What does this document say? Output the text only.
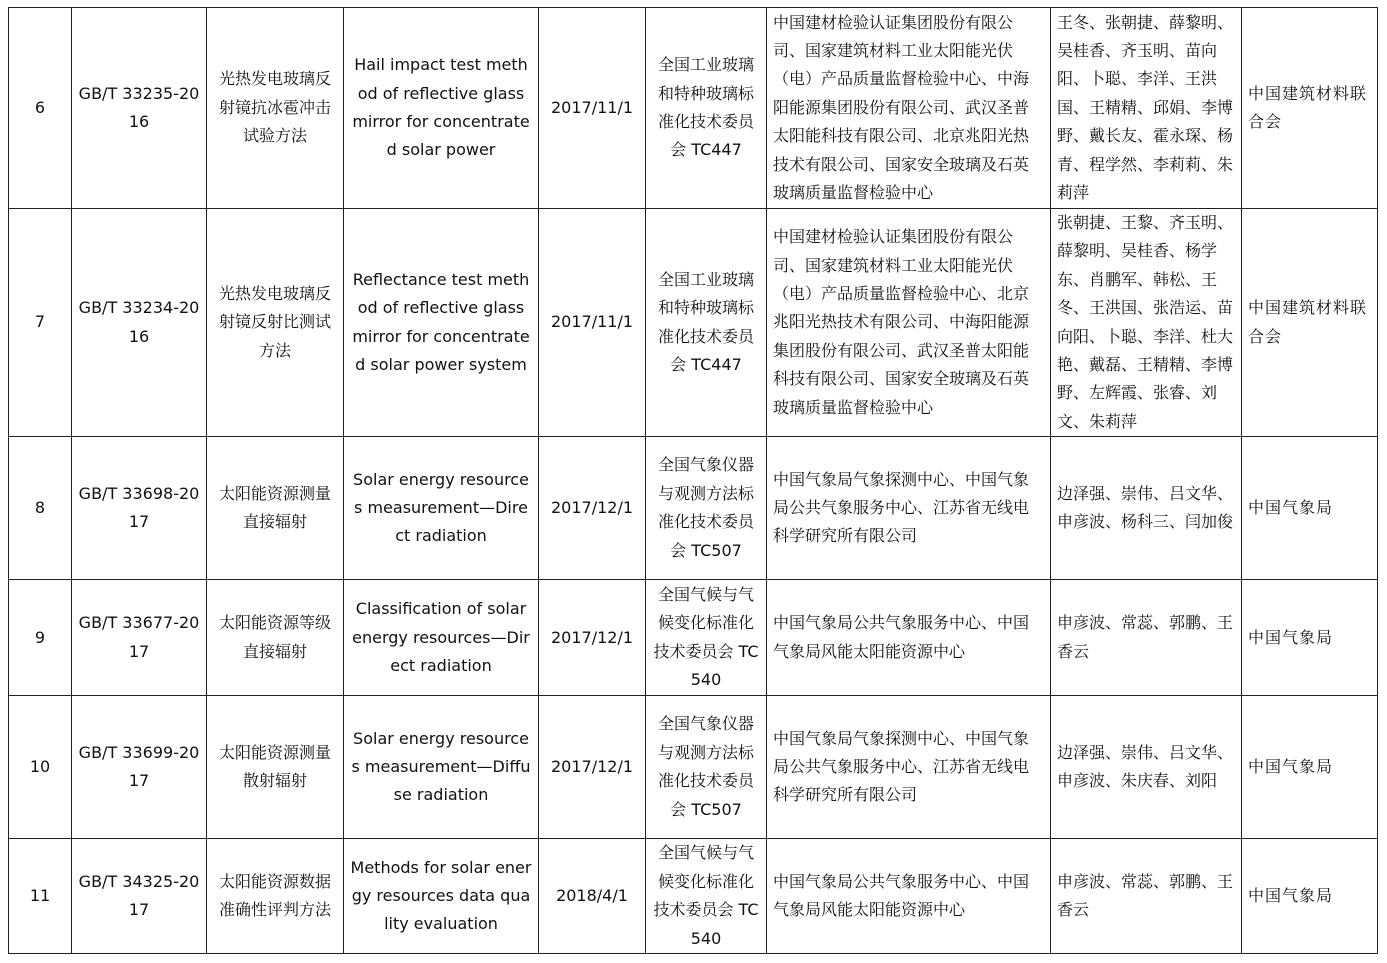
6	GB/T 33235-2016	光热发电玻璃反射镜抗冰雹冲击试验方法	Hail impact test method of reflective glass mirror for concentrated solar power	2017/11/1	全国工业玻璃和特种玻璃标准化技术委员会 TC447	中国建材检验认证集团股份有限公司、国家建筑材料工业太阳能光伏（电）产品质量监督检验中心、中海阳能源集团股份有限公司、武汉圣普太阳能科技有限公司、北京兆阳光热技术有限公司、国家安全玻璃及石英玻璃质量监督检验中心	王冬、张朝捷、薛黎明、吴桂香、齐玉明、苗向阳、卜聪、李洋、王洪国、王精精、邱娟、李博野、戴长友、霍永琛、杨青、程学然、李莉莉、朱莉萍	中国建筑材料联合会
7	GB/T 33234-2016	光热发电玻璃反射镜反射比测试方法	Reflectance test method of reflective glass mirror for concentrated solar power system	2017/11/1	全国工业玻璃和特种玻璃标准化技术委员会 TC447	中国建材检验认证集团股份有限公司、国家建筑材料工业太阳能光伏（电）产品质量监督检验中心、北京兆阳光热技术有限公司、中海阳能源集团股份有限公司、武汉圣普太阳能科技有限公司、国家安全玻璃及石英玻璃质量监督检验中心	张朝捷、王黎、齐玉明、薛黎明、吴桂香、杨学东、肖鹏军、韩松、王冬、王洪国、张浩运、苗向阳、卜聪、李洋、杜大艳、戴磊、王精精、李博野、左辉霞、张睿、刘文、朱莉萍	中国建筑材料联合会
8	GB/T 33698-2017	太阳能资源测量直接辐射	Solar energy resources measurement—Direct radiation	2017/12/1	全国气象仪器与观测方法标准化技术委员会 TC507	中国气象局气象探测中心、中国气象局公共气象服务中心、江苏省无线电科学研究所有限公司	边泽强、崇伟、吕文华、申彦波、杨科三、闫加俊	中国气象局
9	GB/T 33677-2017	太阳能资源等级直接辐射	Classification of solar energy resources—Direct radiation	2017/12/1	全国气候与气候变化标准化技术委员会 TC540	中国气象局公共气象服务中心、中国气象局风能太阳能资源中心	申彦波、常蕊、郭鹏、王香云	中国气象局
10	GB/T 33699-2017	太阳能资源测量散射辐射	Solar energy resources measurement—Diffuse radiation	2017/12/1	全国气象仪器与观测方法标准化技术委员会 TC507	中国气象局气象探测中心、中国气象局公共气象服务中心、江苏省无线电科学研究所有限公司	边泽强、崇伟、吕文华、申彦波、朱庆春、刘阳	中国气象局
11	GB/T 34325-2017	太阳能资源数据准确性评判方法	Methods for solar energy resources data quality evaluation	2018/4/1	全国气候与气候变化标准化技术委员会 TC540	中国气象局公共气象服务中心、中国气象局风能太阳能资源中心	申彦波、常蕊、郭鹏、王香云	中国气象局
